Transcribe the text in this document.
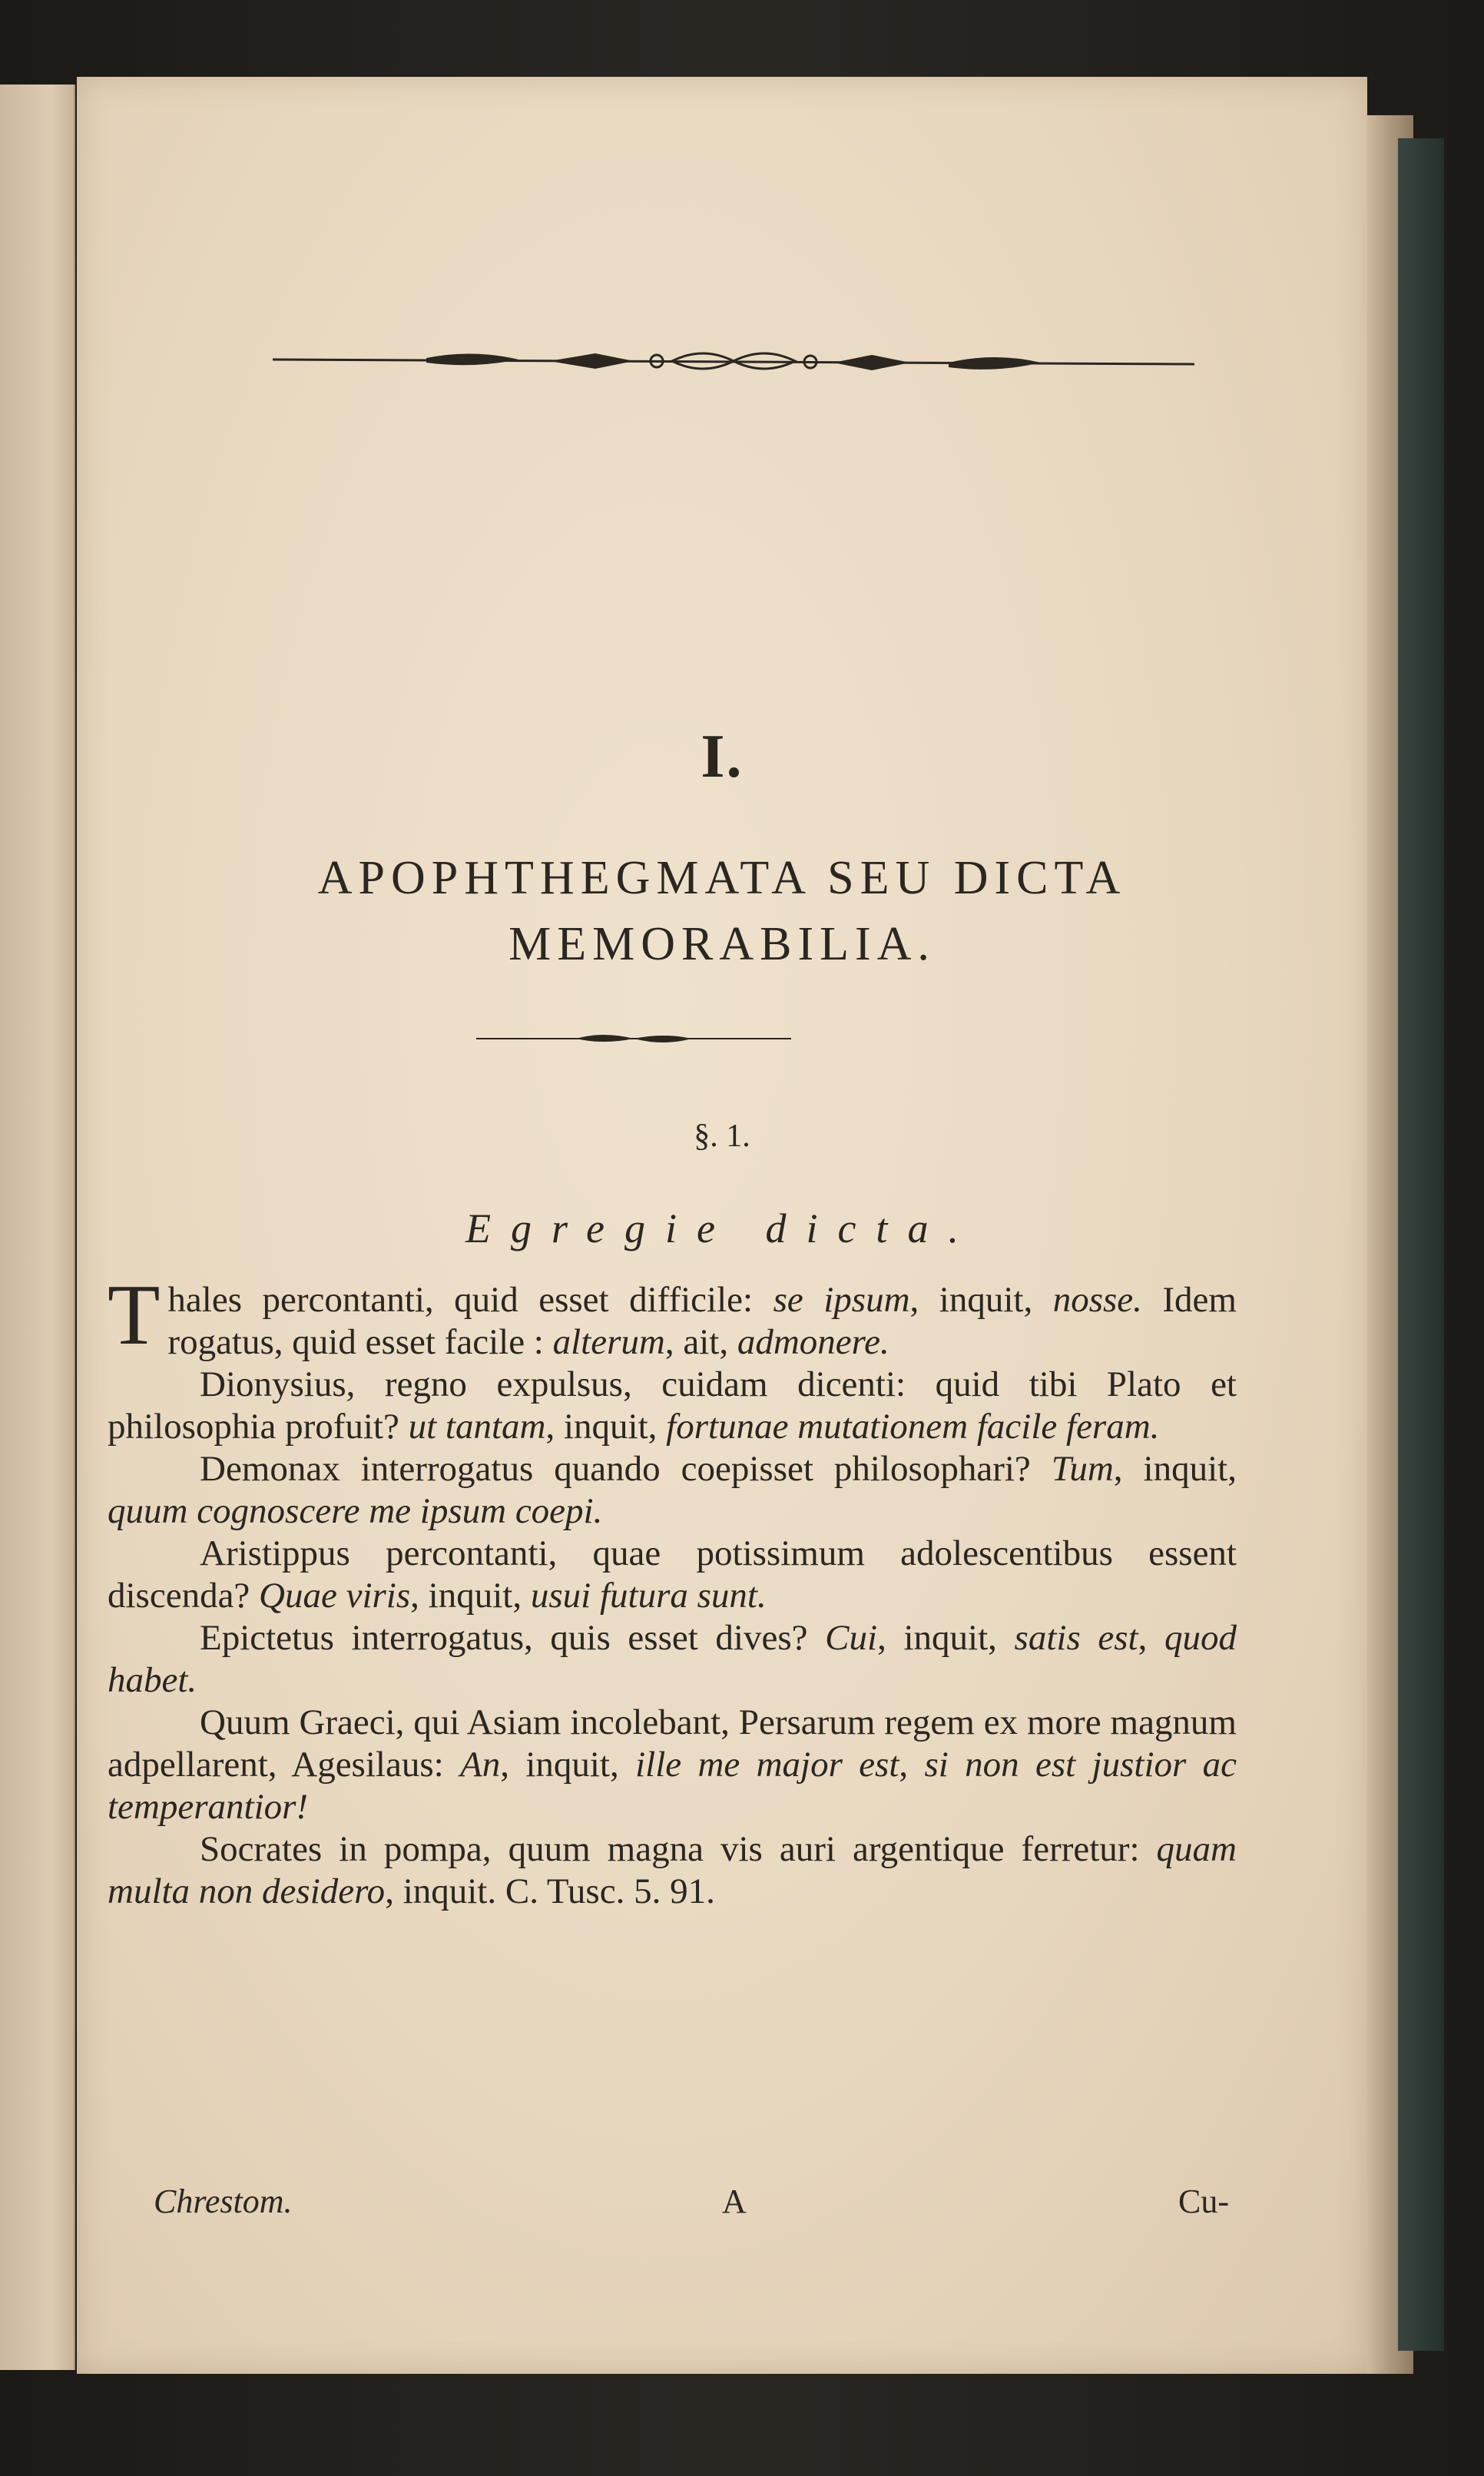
I.
APOPHTHEGMATA SEU DICTA
MEMORABILIA.
§. 1.
Egregie dicta.

Thales percontanti, quid esset difficile: se ipsum, inquit, nosse. Idem rogatus, quid esset facile : alterum, ait, admonere.

Dionysius, regno expulsus, cuidam dicenti: quid tibi Plato et philosophia profuit? ut tantam, inquit, fortunae mutationem facile feram.

Demonax interrogatus quando coepisset philosophari? Tum, inquit, quum cognoscere me ipsum coepi.

Aristippus percontanti, quae potissimum adolescentibus essent discenda? Quae viris, inquit, usui futura sunt.

Epictetus interrogatus, quis esset dives? Cui, inquit, satis est, quod habet.

Quum Graeci, qui Asiam incolebant, Persarum regem ex more magnum adpellarent, Agesilaus: An, inquit, ille me major est, si non est justior ac temperantior!

Socrates in pompa, quum magna vis auri argentique ferretur: quam multa non desidero, inquit. C. Tusc. 5. 91.

Chrestom.	A	Cu-
